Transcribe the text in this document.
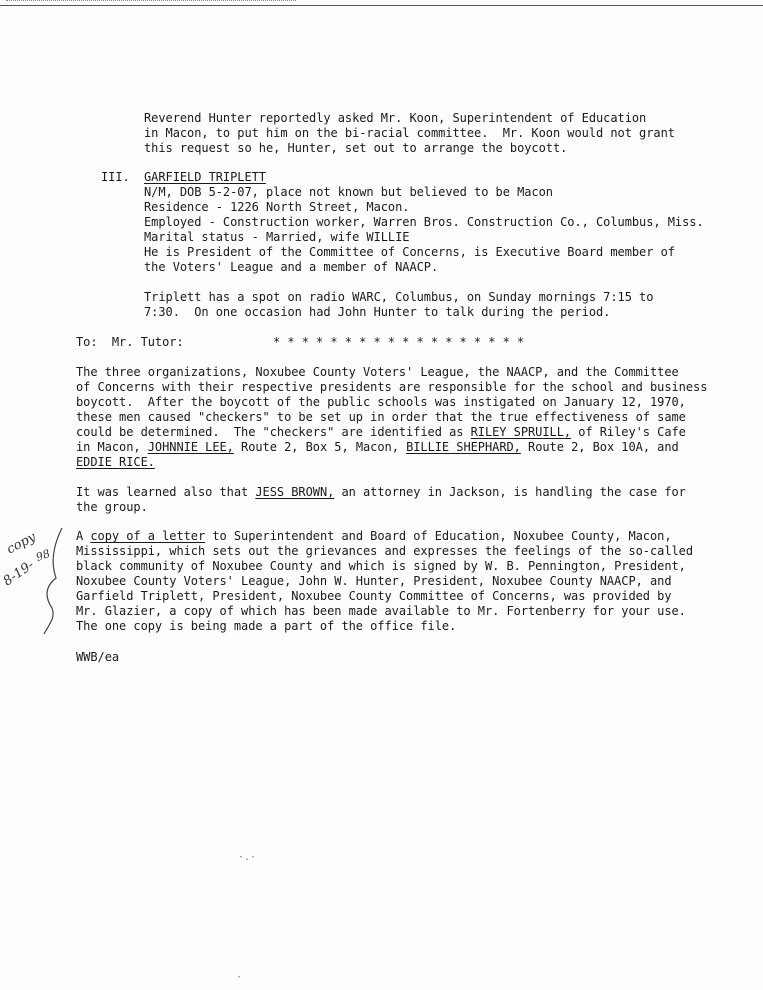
Reverend Hunter reportedly asked Mr. Koon, Superintendent of Education
in Macon, to put him on the bi-racial committee.  Mr. Koon would not grant
this request so he, Hunter, set out to arrange the boycott.
III. GARFIELD TRIPLETT
N/M, DOB 5-2-07, place not known but believed to be Macon
Residence - 1226 North Street, Macon.
Employed - Construction worker, Warren Bros. Construction Co., Columbus, Miss.
Marital status - Married, wife WILLIE
He is President of the Committee of Concerns, is Executive Board member of
the Voters' League and a member of NAACP.
Triplett has a spot on radio WARC, Columbus, on Sunday mornings 7:15 to
7:30.  On one occasion had John Hunter to talk during the period.
To:  Mr. Tutor:	* * * * * * * * * * * * * * * * * *
The three organizations, Noxubee County Voters' League, the NAACP, and the Committee
of Concerns with their respective presidents are responsible for the school and business
boycott.  After the boycott of the public schools was instigated on January 12, 1970,
these men caused "checkers" to be set up in order that the true effectiveness of same
could be determined.  The "checkers" are identified as RILEY SPRUILL, of Riley's Cafe
in Macon, JOHNNIE LEE, Route 2, Box 5, Macon, BILLIE SHEPHARD, Route 2, Box 10A, and
EDDIE RICE.
It was learned also that JESS BROWN, an attorney in Jackson, is handling the case for
the group.
A copy of a letter to Superintendent and Board of Education, Noxubee County, Macon,
Mississippi, which sets out the grievances and expresses the feelings of the so-called
black community of Noxubee County and which is signed by W. B. Pennington, President,
Noxubee County Voters' League, John W. Hunter, President, Noxubee County NAACP, and
Garfield Triplett, President, Noxubee County Committee of Concerns, was provided by
Mr. Glazier, a copy of which has been made available to Mr. Fortenberry for your use.
The one copy is being made a part of the office file.
WWB/ea
copy
98
8-19-
·.·
·
